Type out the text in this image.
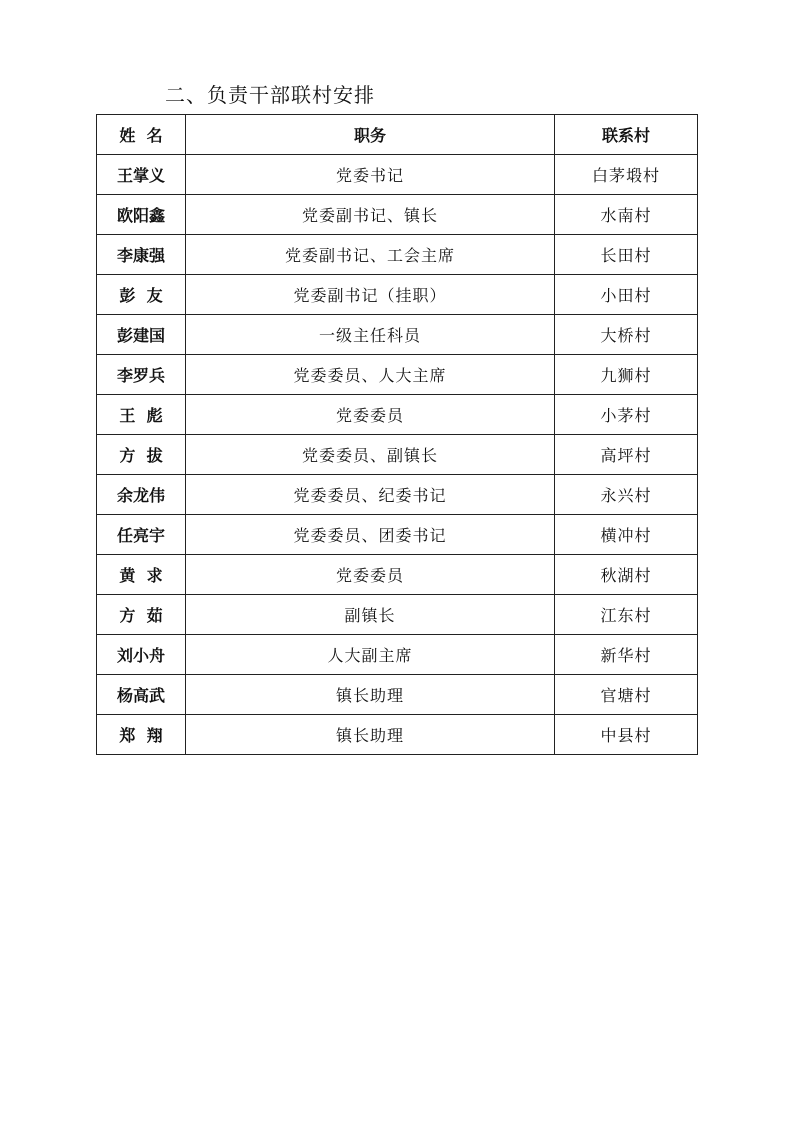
二、负责干部联村安排
姓  名	职务	联系村
王掌义	党委书记	白茅塅村
欧阳鑫	党委副书记、镇长	水南村
李康强	党委副书记、工会主席	长田村
彭  友	党委副书记（挂职）	小田村
彭建国	一级主任科员	大桥村
李罗兵	党委委员、人大主席	九狮村
王  彪	党委委员	小茅村
方  拔	党委委员、副镇长	高坪村
余龙伟	党委委员、纪委书记	永兴村
任亮宇	党委委员、团委书记	横冲村
黄  求	党委委员	秋湖村
方  茹	副镇长	江东村
刘小舟	人大副主席	新华村
杨高武	镇长助理	官塘村
郑  翔	镇长助理	中县村
